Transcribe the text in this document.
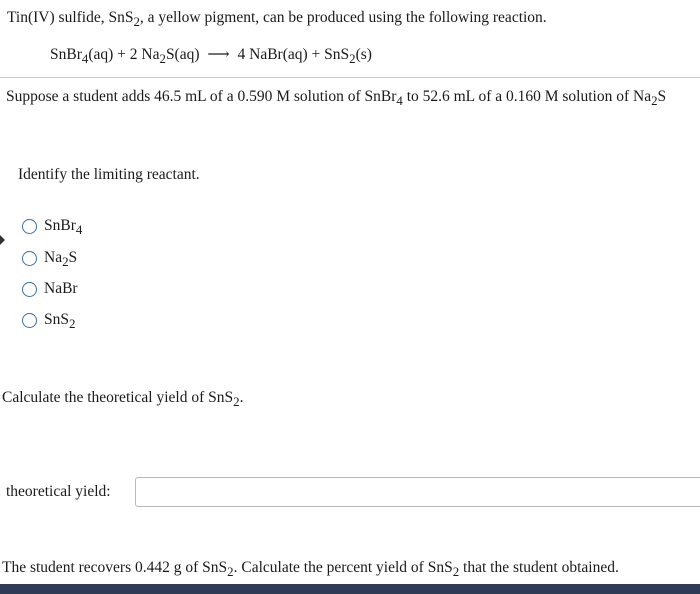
Tin(IV) sulfide, SnS$_2$, a yellow pigment, can be produced using the following reaction.
SnBr$_4$(aq) + 2 $Na_2S(aq)$ ⟶ 4 NaBr(aq) + SnS$_2$(s)
Suppose a student adds 46.5 mL of a 0.590 M solution of SnBr$_4$ to 52.6 mL of a 0.160 M solution of $Na_2S$
Identify the limiting reactant.
SnBr$_4$
$Na_2S$
NaBr
SnS$_2$
Calculate the theoretical yield of SnS$_2$.
theoretical yield:
The student recovers 0.442 g of SnS$_2$. Calculate the percent yield of SnS$_2$ that the student obtained.
